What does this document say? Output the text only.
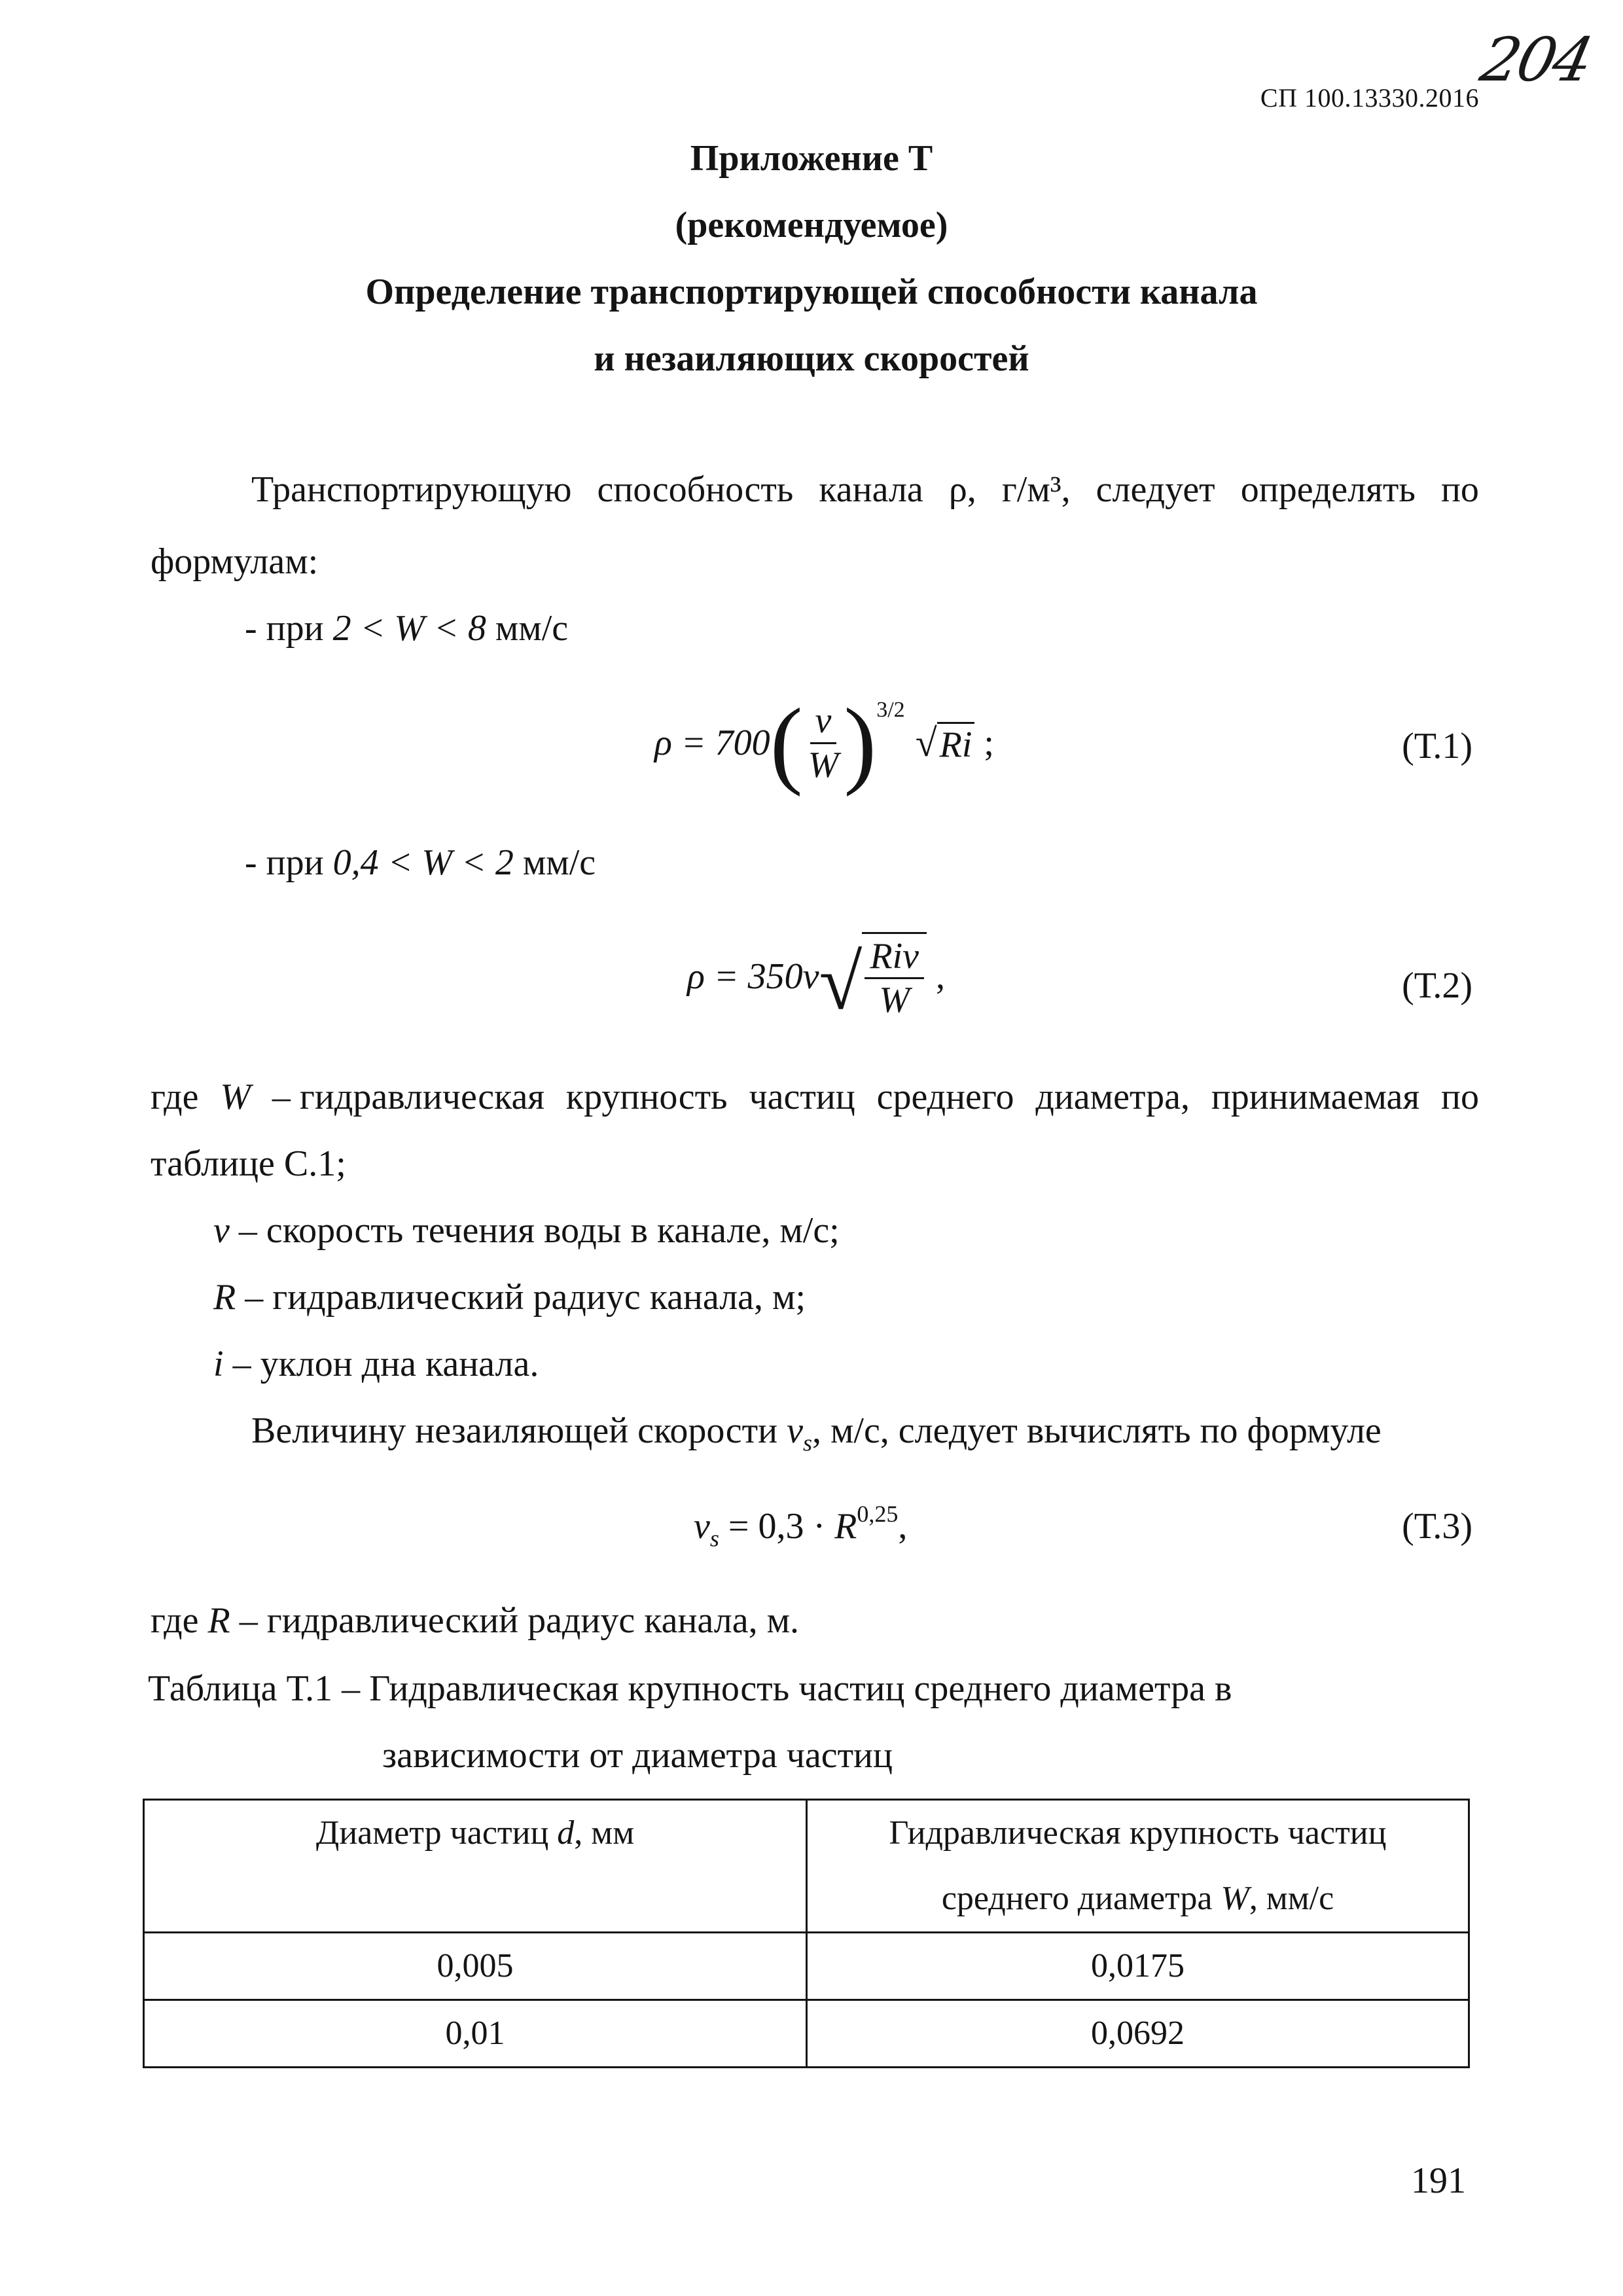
204
СП 100.13330.2016
Приложение Т
(рекомендуемое)
Определение транспортирующей способности канала
и незаиляющих скоростей
Транспортирующую способность канала ρ, г/м³, следует определять по
формулам:
- при 2 < W < 8 мм/с
ρ = 700 ( $\frac{v}{W}$ ) 3/2
√ Ri ;	(Т.1)
- при 0,4 < W < 2 мм/с
ρ = 350v √ $\frac{\text{Riv}}{W}$ ,	(Т.2)
где W – гидравлическая крупность частиц среднего диаметра, принимаемая по
таблице С.1;
v – скорость течения воды в канале, м/с;
R – гидравлический радиус канала, м;
i – уклон дна канала.
Величину незаиляющей скорости $v_s$, м/с, следует вычислять по формуле
$v_s = 0,3 \cdot R^{0,25}$,	(Т.3)
где R – гидравлический радиус канала, м.
Таблица Т.1 – Гидравлическая крупность частиц среднего диаметра в
зависимости от диаметра частиц
Диаметр частиц d, мм	Гидравлическая крупность частиц
среднего диаметра W, мм/с

0,005	0,0175

0,01	0,0692
191
